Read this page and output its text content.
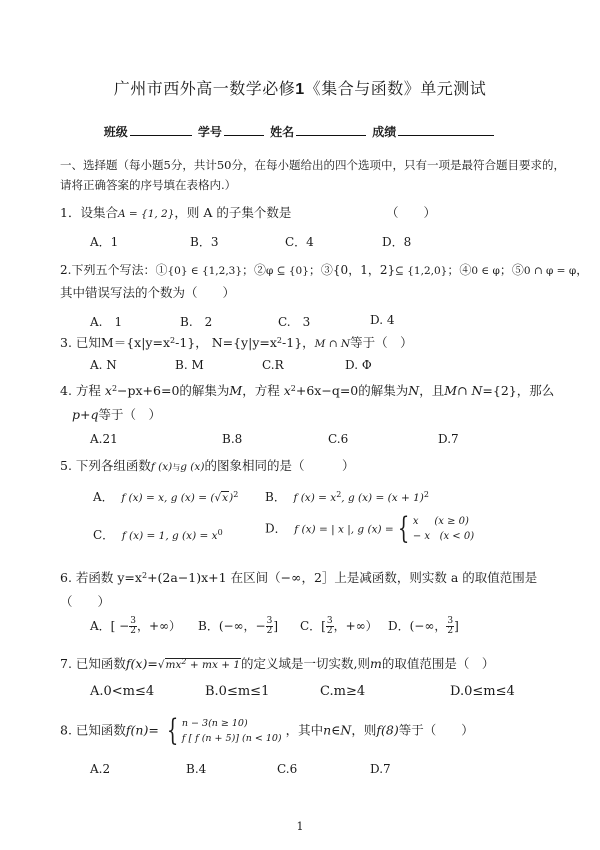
广州市西外高一数学必修1《集合与函数》单元测试
班级	学号	姓名	成绩
一、选择题（每小题5分，共计50分，在每小题给出的四个选项中，只有一项是最符合题目要求的，
请将正确答案的序号填在表格内.）
1．设集合A = {1, 2}，则 A 的子集个数是	（　　）
A．1	B．3	C．4	D．8
2.下列五个写法：①{0} ∈ {1,2,3}；②φ ⊆ {0}；③{0，1，2}⊆ {1,2,0}；④0 ∈ φ；⑤0 ∩ φ = φ，
其中错误写法的个数为（　　）
A.　1	B.　2	C.　3	D. 4
3. 已知$M=\{x|y=x^2-1\}$， $N=\{y|y=x^2-1\}$，M ∩ N等于（　）
A. N	B. M	C.R	D. Φ
4. 方程 $x^2-px+6=0$的解集为M，方程 $x^2+6x-q=0$的解集为N，且M∩ N={2}，那么
p+q等于（　）
A.21	B.8	C.6	D.7
5. 下列各组函数f (x)与g (x)的图象相同的是（　　　）
A． f (x) = x, g $(x) = (√x)^2$ B． f $(x) = x^2$, g $(x) = (x + 1)^2$
C． f (x) = 1, g $(x) = x^0$	D． f (x) = | x |, g (x) = { x (x ≥ 0)
− x (x < 0)
6. 若函数 $y=x^2+(2a-1)x+1$ 在区间（−∞，2］上是减函数，则实数 a 的取值范围是
（　　）
A．[ − $\frac{3}{2}$ ，+∞） B．(−∞，− $\frac{3}{2}$ ] C．[ $\frac{3}{2}$ ，+∞） D．(−∞， $\frac{3}{2}$ ]
7. 已知函数$f(x)=√mx^2$ + mx + 1的定义域是一切实数,则m的取值范围是（　）
A.0<m≤4	B.0≤m≤1	C.m≥4	D.0≤m≤4
8. 已知函数f(n)= { n − 3(n ≥ 10)
f [ f (n + 5)] (n < 10)
，其中n∈N，则f(8)等于（　　）
A.2	B.4	C.6	D.7
1
